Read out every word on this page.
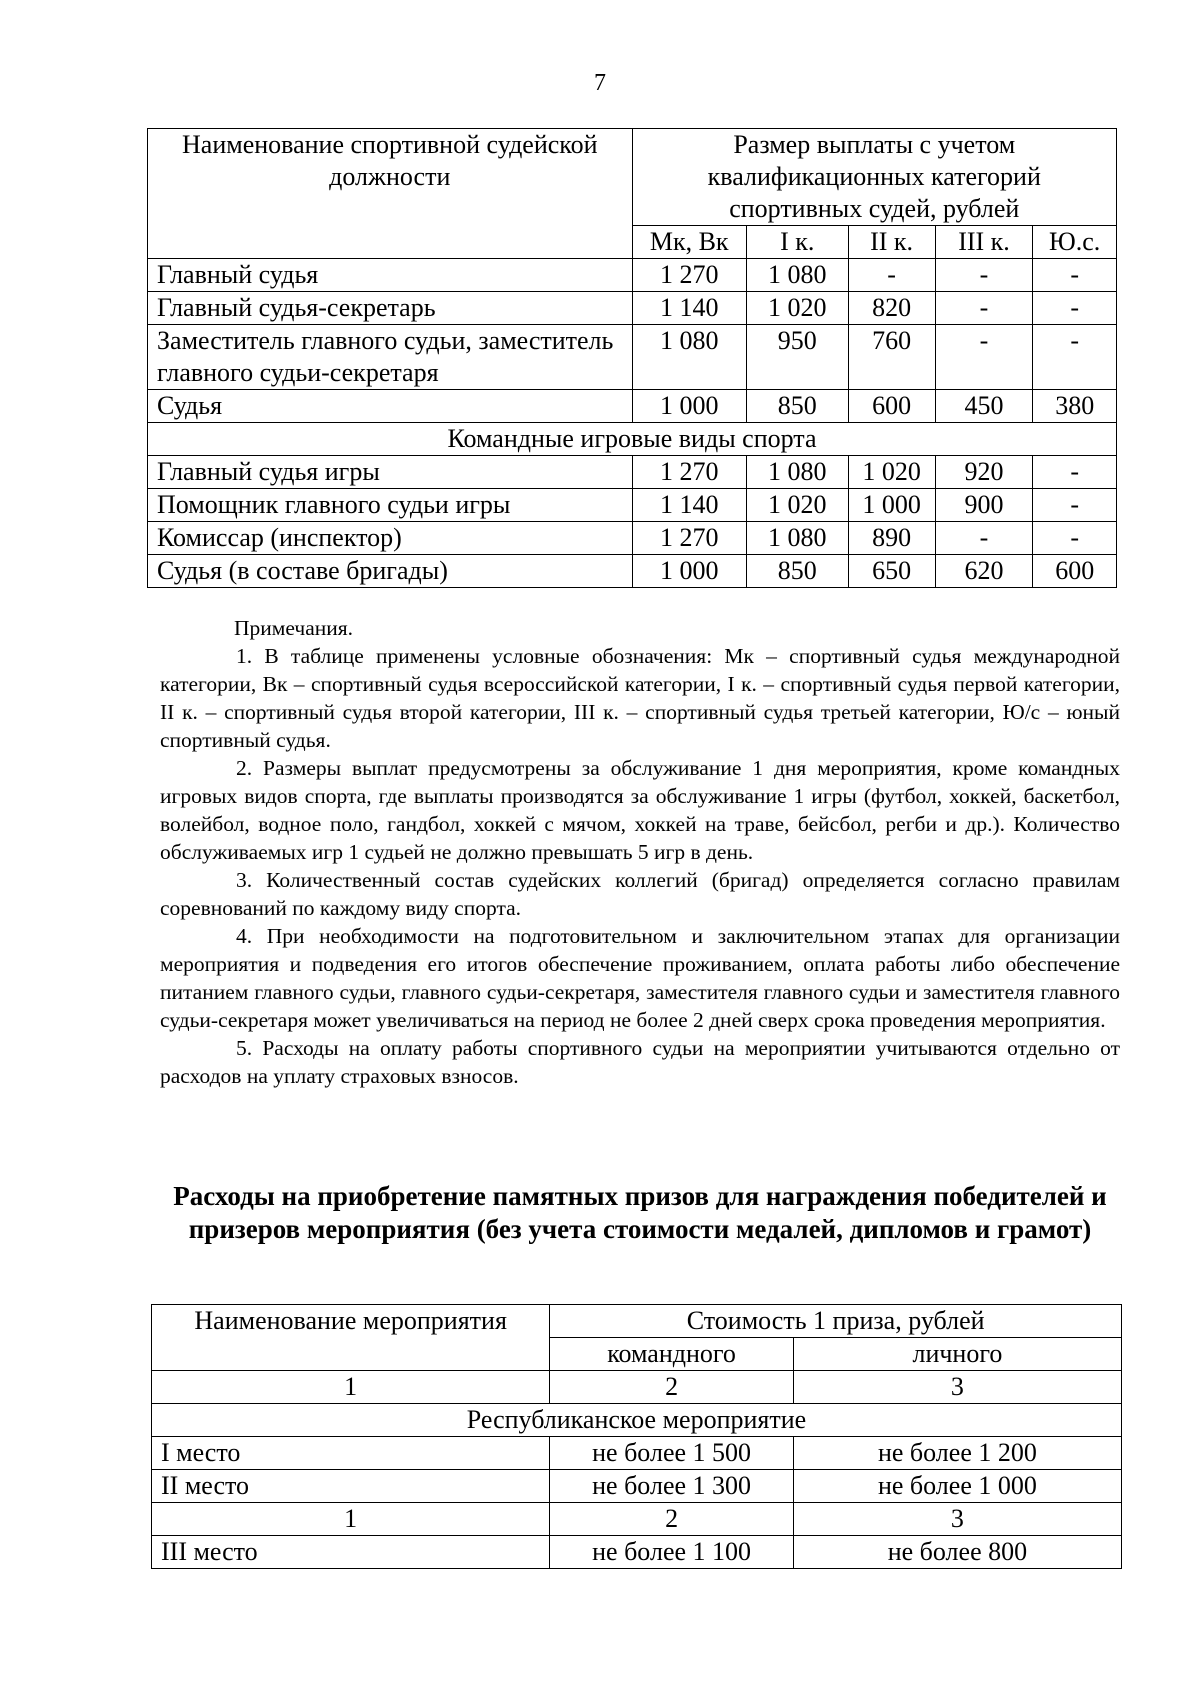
7
Наименование спортивной судейской должности	Размер выплаты с учетом квалификационных категорий спортивных судей, рублей				
	Мк, Вк	I к.	II к.	III к.	Ю.с.
Главный судья	1 270	1 080	-	-	-
Главный судья-секретарь	1 140	1 020	820	-	-
Заместитель главного судьи, заместитель главного судьи-секретаря	1 080	950	760	-	-
Судья	1 000	850	600	450	380
Командные игровые виды спорта					
Главный судья игры	1 270	1 080	1 020	920	-
Помощник главного судьи игры	1 140	1 020	1 000	900	-
Комиссар (инспектор)	1 270	1 080	890	-	-
Судья (в составе бригады)	1 000	850	650	620	600

Примечания.

1. В таблице применены условные обозначения: Мк – спортивный судья международной категории, Вк – спортивный судья всероссийской категории, I к. – спортивный судья первой категории, II к. – спортивный судья второй категории, III к. – спортивный судья третьей категории, Ю/с – юный спортивный судья.

2. Размеры выплат предусмотрены за обслуживание 1 дня мероприятия, кроме командных игровых видов спорта, где выплаты производятся за обслуживание 1 игры (футбол, хоккей, баскетбол, волейбол, водное поло, гандбол, хоккей с мячом, хоккей на траве, бейсбол, регби и др.). Количество обслуживаемых игр 1 судьей не должно превышать 5 игр в день.

3. Количественный состав судейских коллегий (бригад) определяется согласно правилам соревнований по каждому виду спорта.

4. При необходимости на подготовительном и заключительном этапах для организации мероприятия и подведения его итогов обеспечение проживанием, оплата работы либо обеспечение питанием главного судьи, главного судьи-секретаря, заместителя главного судьи и заместителя главного судьи-секретаря может увеличиваться на период не более 2 дней сверх срока проведения мероприятия.

5. Расходы на оплату работы спортивного судьи на мероприятии учитываются отдельно от расходов на уплату страховых взносов.

Расходы на приобретение памятных призов для награждения победителей и призеров мероприятия (без учета стоимости медалей, дипломов и грамот)
Наименование мероприятия	Стоимость 1 приза, рублей	
	командного	личного
1	2	3
Республиканское мероприятие		
I место	не более 1 500	не более 1 200
II место	не более 1 300	не более 1 000
1	2	3
III место	не более 1 100	не более 800
